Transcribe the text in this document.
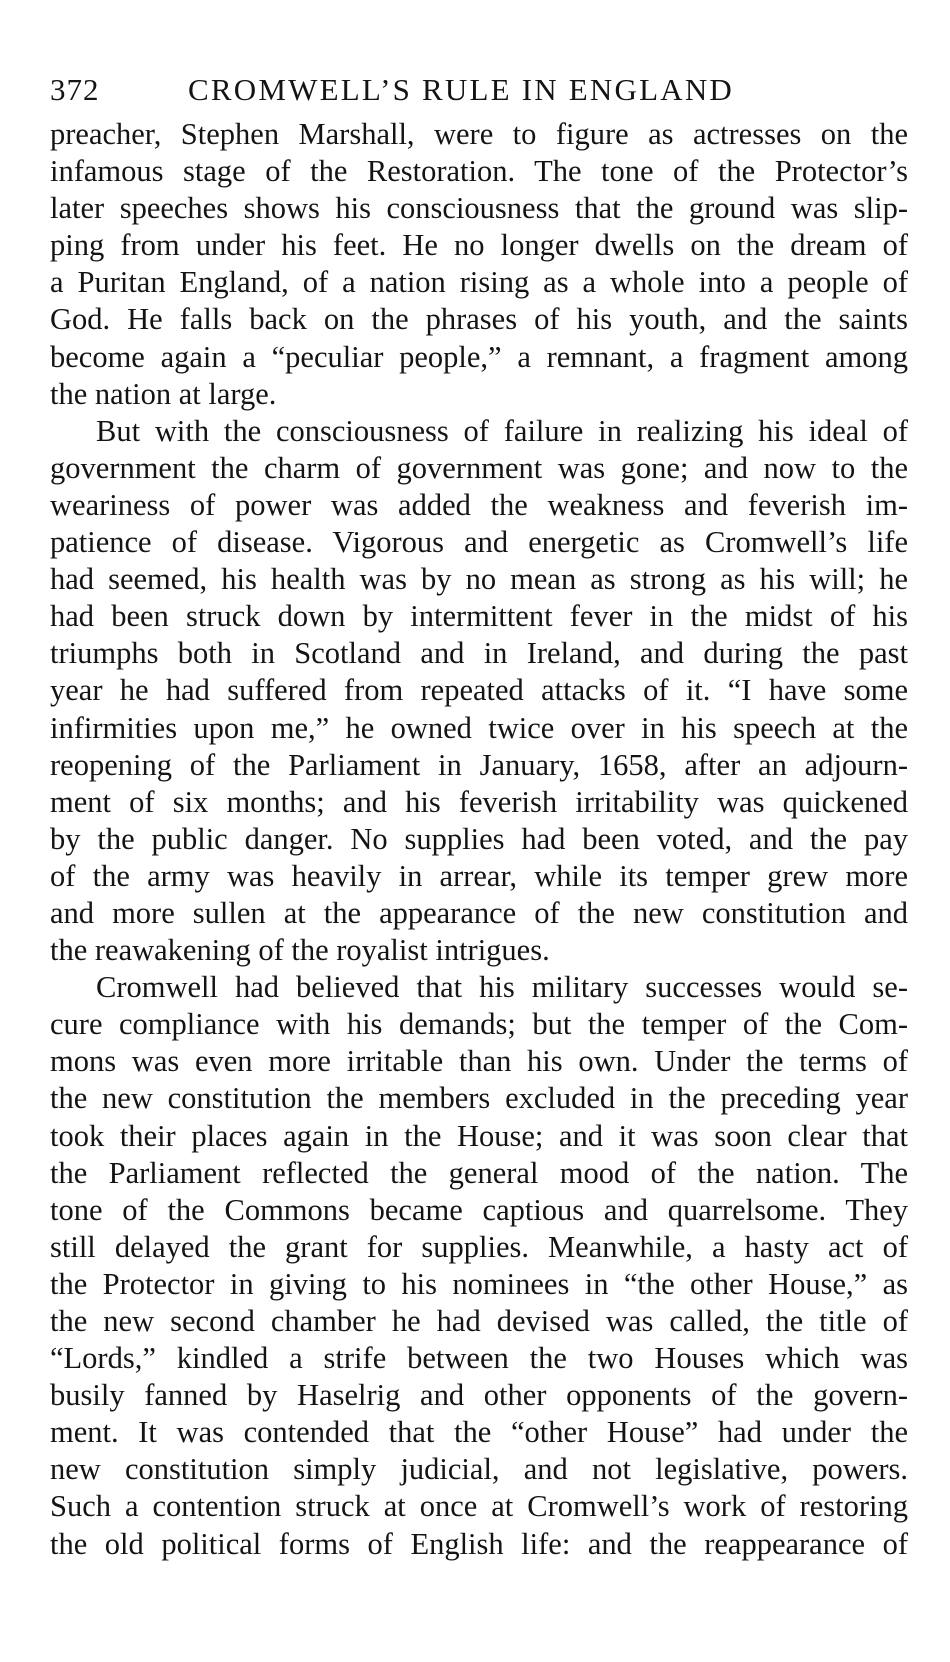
372	CROMWELL’S RULE IN ENGLAND
preacher, Stephen Marshall, were to figure as actresses on the
infamous stage of the Restoration. The tone of the Protector’s
later speeches shows his consciousness that the ground was slip-
ping from under his feet. He no longer dwells on the dream of
a Puritan England, of a nation rising as a whole into a people of
God. He falls back on the phrases of his youth, and the saints
become again a “peculiar people,” a remnant, a fragment among
the nation at large.
But with the consciousness of failure in realizing his ideal of
government the charm of government was gone; and now to the
weariness of power was added the weakness and feverish im-
patience of disease. Vigorous and energetic as Cromwell’s life
had seemed, his health was by no mean as strong as his will; he
had been struck down by intermittent fever in the midst of his
triumphs both in Scotland and in Ireland, and during the past
year he had suffered from repeated attacks of it. “I have some
infirmities upon me,” he owned twice over in his speech at the
reopening of the Parliament in January, 1658, after an adjourn-
ment of six months; and his feverish irritability was quickened
by the public danger. No supplies had been voted, and the pay
of the army was heavily in arrear, while its temper grew more
and more sullen at the appearance of the new constitution and
the reawakening of the royalist intrigues.
Cromwell had believed that his military successes would se-
cure compliance with his demands; but the temper of the Com-
mons was even more irritable than his own. Under the terms of
the new constitution the members excluded in the preceding year
took their places again in the House; and it was soon clear that
the Parliament reflected the general mood of the nation. The
tone of the Commons became captious and quarrelsome. They
still delayed the grant for supplies. Meanwhile, a hasty act of
the Protector in giving to his nominees in “the other House,” as
the new second chamber he had devised was called, the title of
“Lords,” kindled a strife between the two Houses which was
busily fanned by Haselrig and other opponents of the govern-
ment. It was contended that the “other House” had under the
new constitution simply judicial, and not legislative, powers.
Such a contention struck at once at Cromwell’s work of restoring
the old political forms of English life: and the reappearance of
